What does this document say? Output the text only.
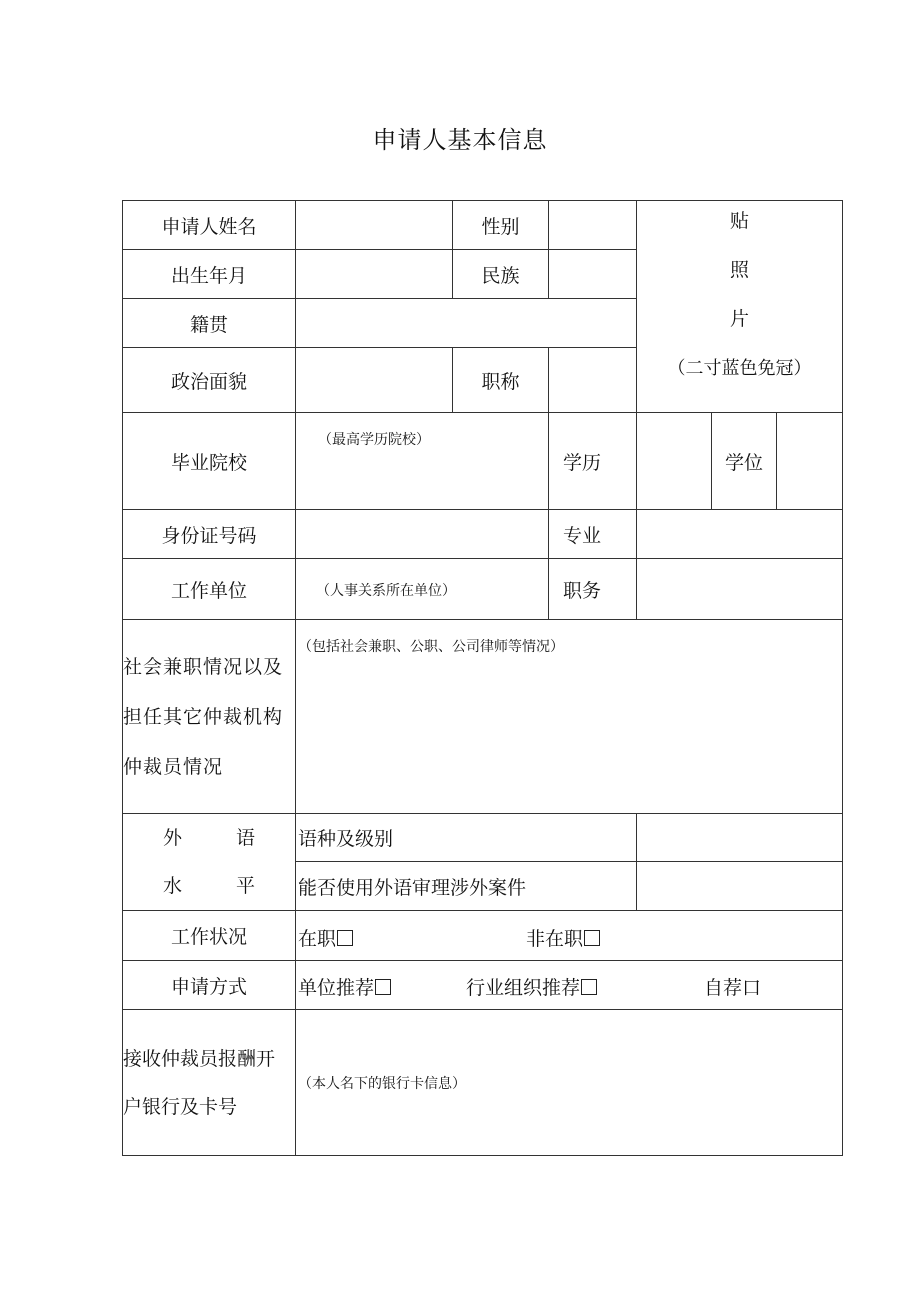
申请人基本信息
申请人姓名		性别		贴
照
片
（二寸蓝色免冠）		

出生年月		民族				
籍贯						
政治面貌		职称				
毕业院校	（最高学历院校）		学历		学位	
身份证号码			专业			
工作单位	（人事关系所在单位）		职务			

社会兼职情况以及
担任其它仲裁机构
仲裁员情况	（包括社会兼职、公职、公司律师等情况）					

外 语
水 平	语种及级别					
	能否使用外语审理涉外案件					
工作状况	在职 非在职					

申请方式	单位推荐 行业组织推荐 自荐口					

接收仲裁员报酬开
户银行及卡号	（本人名下的银行卡信息）					
